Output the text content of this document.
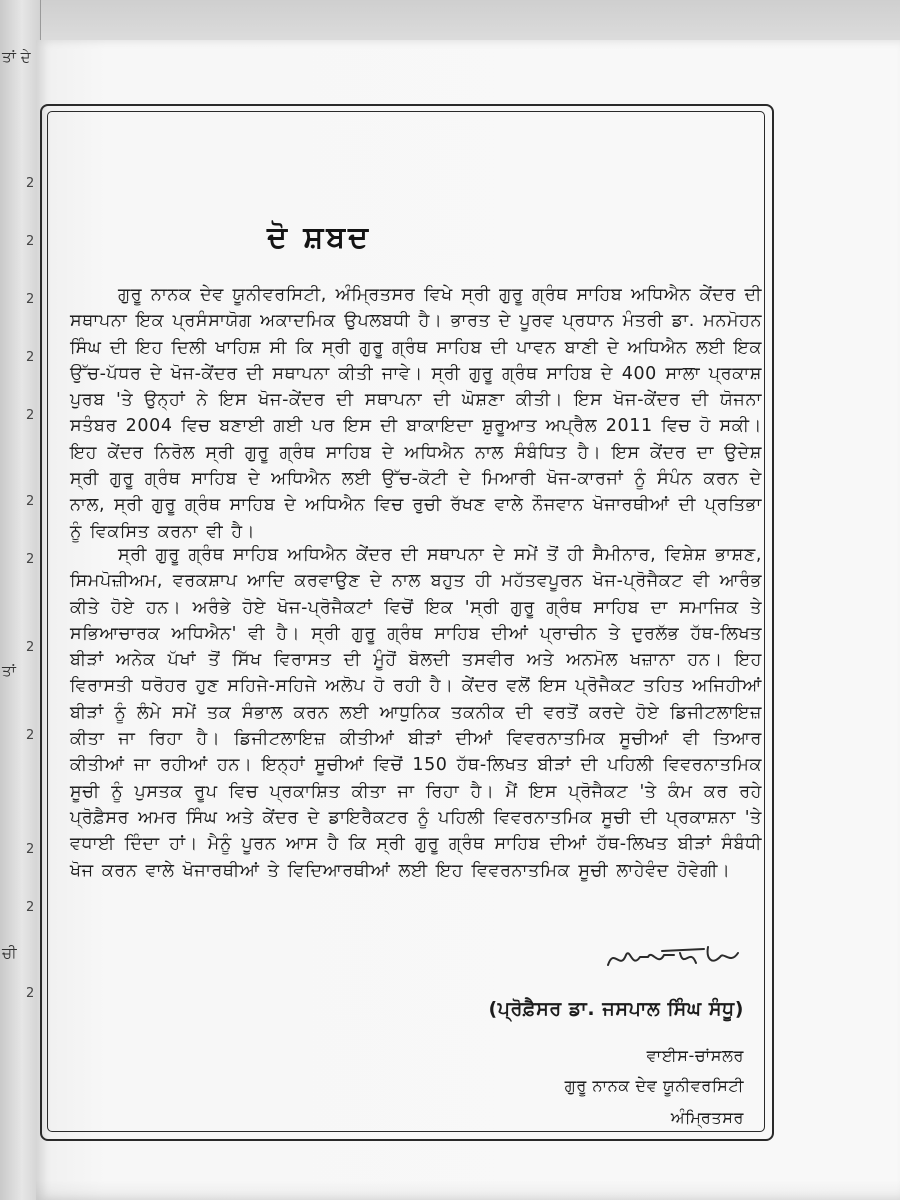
ਤਾਂ ਦੇ
2
2
2
2
2
2
2
2
ਤਾਂ
2
2
2
ਚੀ
2
ਦੋ ਸ਼ਬਦ

ਗੁਰੂ ਨਾਨਕ ਦੇਵ ਯੂਨੀਵਰਸਿਟੀ, ਅੰਮ੍ਰਿਤਸਰ ਵਿਖੇ ਸ੍ਰੀ ਗੁਰੂ ਗ੍ਰੰਥ ਸਾਹਿਬ ਅਧਿਐਨ ਕੇਂਦਰ ਦੀ ਸਥਾਪਨਾ ਇਕ ਪ੍ਰਸੰਸਾਯੋਗ ਅਕਾਦਮਿਕ ਉਪਲਬਧੀ ਹੈ। ਭਾਰਤ ਦੇ ਪੂਰਵ ਪ੍ਰਧਾਨ ਮੰਤਰੀ ਡਾ. ਮਨਮੋਹਨ ਸਿੰਘ ਦੀ ਇਹ ਦਿਲੀ ਖਾਹਿਸ਼ ਸੀ ਕਿ ਸ੍ਰੀ ਗੁਰੂ ਗ੍ਰੰਥ ਸਾਹਿਬ ਦੀ ਪਾਵਨ ਬਾਣੀ ਦੇ ਅਧਿਐਨ ਲਈ ਇਕ ਉੱਚ-ਪੱਧਰ ਦੇ ਖੋਜ-ਕੇਂਦਰ ਦੀ ਸਥਾਪਨਾ ਕੀਤੀ ਜਾਵੇ। ਸ੍ਰੀ ਗੁਰੂ ਗ੍ਰੰਥ ਸਾਹਿਬ ਦੇ 400 ਸਾਲਾ ਪ੍ਰਕਾਸ਼ ਪੁਰਬ 'ਤੇ ਉਨ੍ਹਾਂ ਨੇ ਇਸ ਖੋਜ-ਕੇਂਦਰ ਦੀ ਸਥਾਪਨਾ ਦੀ ਘੋਸ਼ਣਾ ਕੀਤੀ। ਇਸ ਖੋਜ-ਕੇਂਦਰ ਦੀ ਯੋਜਨਾ ਸਤੰਬਰ 2004 ਵਿਚ ਬਣਾਈ ਗਈ ਪਰ ਇਸ ਦੀ ਬਾਕਾਇਦਾ ਸ਼ੁਰੂਆਤ ਅਪ੍ਰੈਲ 2011 ਵਿਚ ਹੋ ਸਕੀ। ਇਹ ਕੇਂਦਰ ਨਿਰੋਲ ਸ੍ਰੀ ਗੁਰੂ ਗ੍ਰੰਥ ਸਾਹਿਬ ਦੇ ਅਧਿਐਨ ਨਾਲ ਸੰਬੰਧਿਤ ਹੈ। ਇਸ ਕੇਂਦਰ ਦਾ ਉਦੇਸ਼ ਸ੍ਰੀ ਗੁਰੂ ਗ੍ਰੰਥ ਸਾਹਿਬ ਦੇ ਅਧਿਐਨ ਲਈ ਉੱਚ-ਕੋਟੀ ਦੇ ਮਿਆਰੀ ਖੋਜ-ਕਾਰਜਾਂ ਨੂੰ ਸੰਪੰਨ ਕਰਨ ਦੇ ਨਾਲ, ਸ੍ਰੀ ਗੁਰੂ ਗ੍ਰੰਥ ਸਾਹਿਬ ਦੇ ਅਧਿਐਨ ਵਿਚ ਰੁਚੀ ਰੱਖਣ ਵਾਲੇ ਨੌਜਵਾਨ ਖੋਜਾਰਥੀਆਂ ਦੀ ਪ੍ਰਤਿਭਾ ਨੂੰ ਵਿਕਸਿਤ ਕਰਨਾ ਵੀ ਹੈ।

ਸ੍ਰੀ ਗੁਰੂ ਗ੍ਰੰਥ ਸਾਹਿਬ ਅਧਿਐਨ ਕੇਂਦਰ ਦੀ ਸਥਾਪਨਾ ਦੇ ਸਮੇਂ ਤੋਂ ਹੀ ਸੈਮੀਨਾਰ, ਵਿਸ਼ੇਸ਼ ਭਾਸ਼ਣ, ਸਿਮਪੋਜ਼ੀਅਮ, ਵਰਕਸ਼ਾਪ ਆਦਿ ਕਰਵਾਉਣ ਦੇ ਨਾਲ ਬਹੁਤ ਹੀ ਮਹੱਤਵਪੂਰਨ ਖੋਜ-ਪ੍ਰੋਜੈਕਟ ਵੀ ਆਰੰਭ ਕੀਤੇ ਹੋਏ ਹਨ। ਅਰੰਭੇ ਹੋਏ ਖੋਜ-ਪ੍ਰੋਜੈਕਟਾਂ ਵਿਚੋਂ ਇਕ 'ਸ੍ਰੀ ਗੁਰੂ ਗ੍ਰੰਥ ਸਾਹਿਬ ਦਾ ਸਮਾਜਿਕ ਤੇ ਸਭਿਆਚਾਰਕ ਅਧਿਐਨ' ਵੀ ਹੈ। ਸ੍ਰੀ ਗੁਰੂ ਗ੍ਰੰਥ ਸਾਹਿਬ ਦੀਆਂ ਪ੍ਰਾਚੀਨ ਤੇ ਦੁਰਲੱਭ ਹੱਥ-ਲਿਖਤ ਬੀੜਾਂ ਅਨੇਕ ਪੱਖਾਂ ਤੋਂ ਸਿੱਖ ਵਿਰਾਸਤ ਦੀ ਮੂੰਹੋਂ ਬੋਲਦੀ ਤਸਵੀਰ ਅਤੇ ਅਨਮੋਲ ਖਜ਼ਾਨਾ ਹਨ। ਇਹ ਵਿਰਾਸਤੀ ਧਰੋਹਰ ਹੁਣ ਸਹਿਜੇ-ਸਹਿਜੇ ਅਲੋਪ ਹੋ ਰਹੀ ਹੈ। ਕੇਂਦਰ ਵਲੋਂ ਇਸ ਪ੍ਰੋਜੈਕਟ ਤਹਿਤ ਅਜਿਹੀਆਂ ਬੀੜਾਂ ਨੂੰ ਲੰਮੇ ਸਮੇਂ ਤਕ ਸੰਭਾਲ ਕਰਨ ਲਈ ਆਧੁਨਿਕ ਤਕਨੀਕ ਦੀ ਵਰਤੋਂ ਕਰਦੇ ਹੋਏ ਡਿਜੀਟਲਾਇਜ਼ ਕੀਤਾ ਜਾ ਰਿਹਾ ਹੈ। ਡਿਜੀਟਲਾਇਜ਼ ਕੀਤੀਆਂ ਬੀੜਾਂ ਦੀਆਂ ਵਿਵਰਨਾਤਮਿਕ ਸੂਚੀਆਂ ਵੀ ਤਿਆਰ ਕੀਤੀਆਂ ਜਾ ਰਹੀਆਂ ਹਨ। ਇਨ੍ਹਾਂ ਸੂਚੀਆਂ ਵਿਚੋਂ 150 ਹੱਥ-ਲਿਖਤ ਬੀੜਾਂ ਦੀ ਪਹਿਲੀ ਵਿਵਰਨਾਤਮਿਕ ਸੂਚੀ ਨੂੰ ਪੁਸਤਕ ਰੂਪ ਵਿਚ ਪ੍ਰਕਾਸ਼ਿਤ ਕੀਤਾ ਜਾ ਰਿਹਾ ਹੈ। ਮੈਂ ਇਸ ਪ੍ਰੋਜੈਕਟ 'ਤੇ ਕੰਮ ਕਰ ਰਹੇ ਪ੍ਰੋਫ਼ੈਸਰ ਅਮਰ ਸਿੰਘ ਅਤੇ ਕੇਂਦਰ ਦੇ ਡਾਇਰੈਕਟਰ ਨੂੰ ਪਹਿਲੀ ਵਿਵਰਨਾਤਮਿਕ ਸੂਚੀ ਦੀ ਪ੍ਰਕਾਸ਼ਨਾ 'ਤੇ ਵਧਾਈ ਦਿੰਦਾ ਹਾਂ। ਮੈਨੂੰ ਪੂਰਨ ਆਸ ਹੈ ਕਿ ਸ੍ਰੀ ਗੁਰੂ ਗ੍ਰੰਥ ਸਾਹਿਬ ਦੀਆਂ ਹੱਥ-ਲਿਖਤ ਬੀੜਾਂ ਸੰਬੰਧੀ ਖੋਜ ਕਰਨ ਵਾਲੇ ਖੋਜਾਰਥੀਆਂ ਤੇ ਵਿਦਿਆਰਥੀਆਂ ਲਈ ਇਹ ਵਿਵਰਨਾਤਮਿਕ ਸੂਚੀ ਲਾਹੇਵੰਦ ਹੋਵੇਗੀ।

(ਪ੍ਰੋਫ਼ੈਸਰ ਡਾ. ਜਸਪਾਲ ਸਿੰਘ ਸੰਧੂ)
ਵਾਈਸ-ਚਾਂਸਲਰ
ਗੁਰੂ ਨਾਨਕ ਦੇਵ ਯੂਨੀਵਰਸਿਟੀ
ਅੰਮ੍ਰਿਤਸਰ
